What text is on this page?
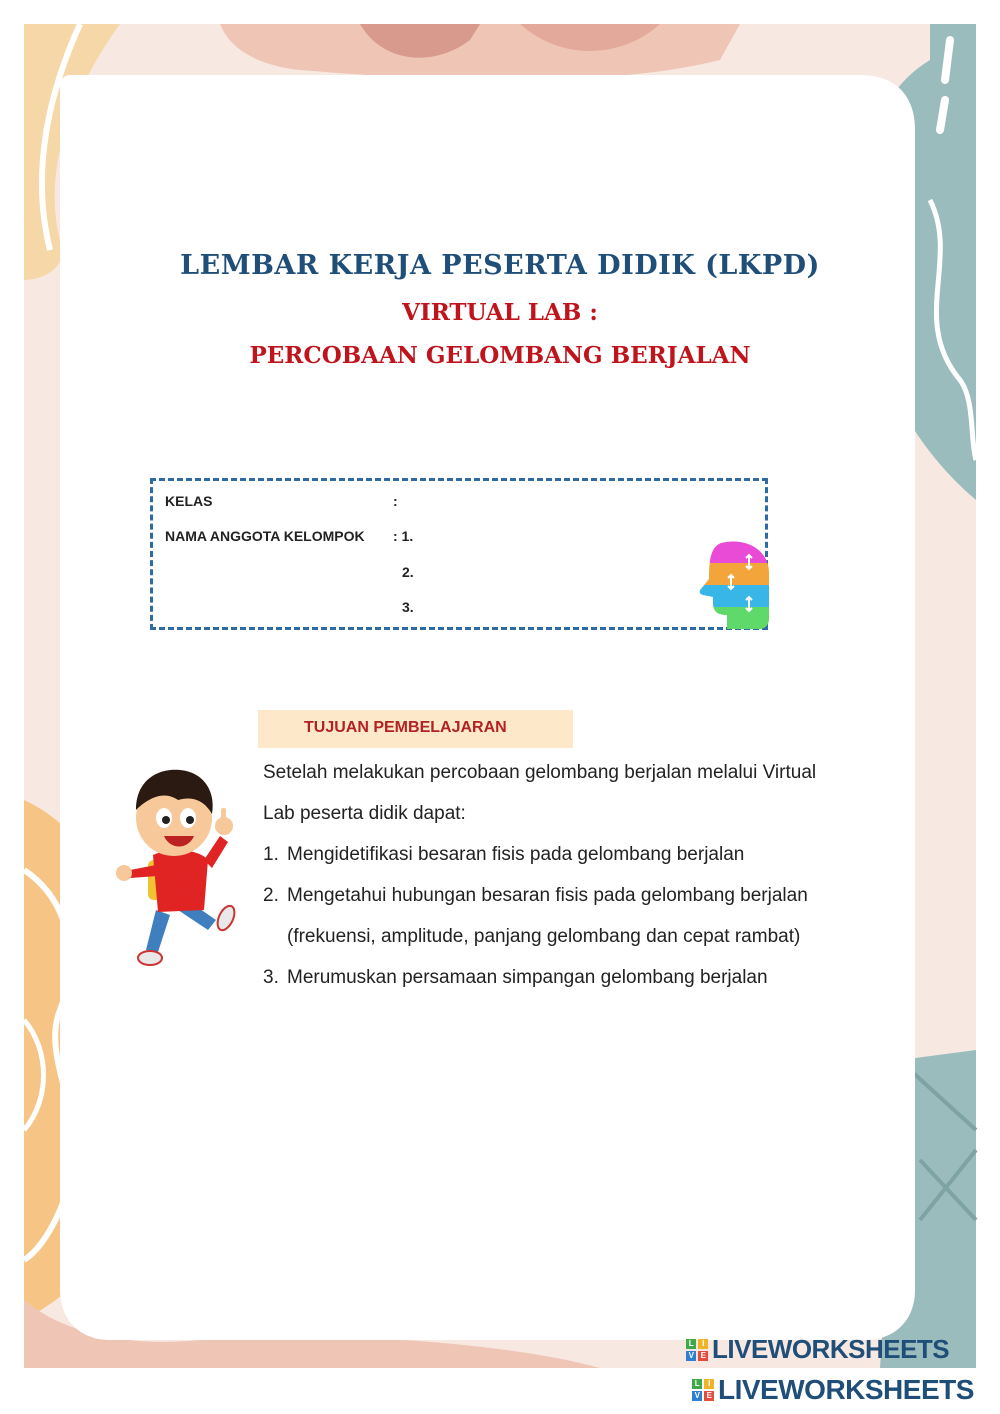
LEMBAR KERJA PESERTA DIDIK (LKPD)

VIRTUAL LAB :

PERCOBAAN GELOMBANG BERJALAN

KELAS	:
NAMA ANGGOTA KELOMPOK : 1.
2.
3.
TUJUAN PEMBELAJARAN

Setelah melakukan percobaan gelombang berjalan melalui Virtual

Lab peserta didik dapat:

1. Mengidetifikasi besaran fisis pada gelombang berjalan
2. Mengetahui hubungan besaran fisis pada gelombang berjalan
(frekuensi, amplitude, panjang gelombang dan cepat rambat)
3. Merumuskan persamaan simpangan gelombang berjalan
L	I
V E LIVEWORKSHEETS
L	I
V E LIVEWORKSHEETS
